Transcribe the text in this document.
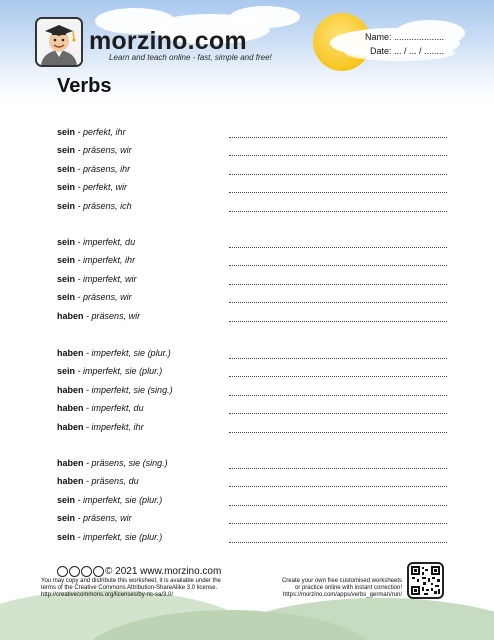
morzino.com
Learn and teach online - fast, simple and free!
Name: ....................
Date: ... / ... / ........
Verbs
sein - perfekt, ihr
sein - präsens, wir
sein - präsens, ihr
sein - perfekt, wir
sein - präsens, ich
sein - imperfekt, du
sein - imperfekt, ihr
sein - imperfekt, wir
sein - präsens, wir
haben - präsens, wir
haben - imperfekt, sie (plur.)
sein - imperfekt, sie (plur.)
haben - imperfekt, sie (sing.)
haben - imperfekt, du
haben - imperfekt, ihr
haben - präsens, sie (sing.)
haben - präsens, du
sein - imperfekt, sie (plur.)
sein - präsens, wir
sein - imperfekt, sie (plur.)
© 2021 www.morzino.com
You may copy and distribute this worksheet, it is available under the
terms of the Creative Commons Attribution-ShareAlike 3.0 license.
http://creativecommons.org/licenses/by-nc-sa/3.0/
Create your own free customised worksheets
or practice online with instant correction!
https://morzino.com/apps/verbs_german/run/
